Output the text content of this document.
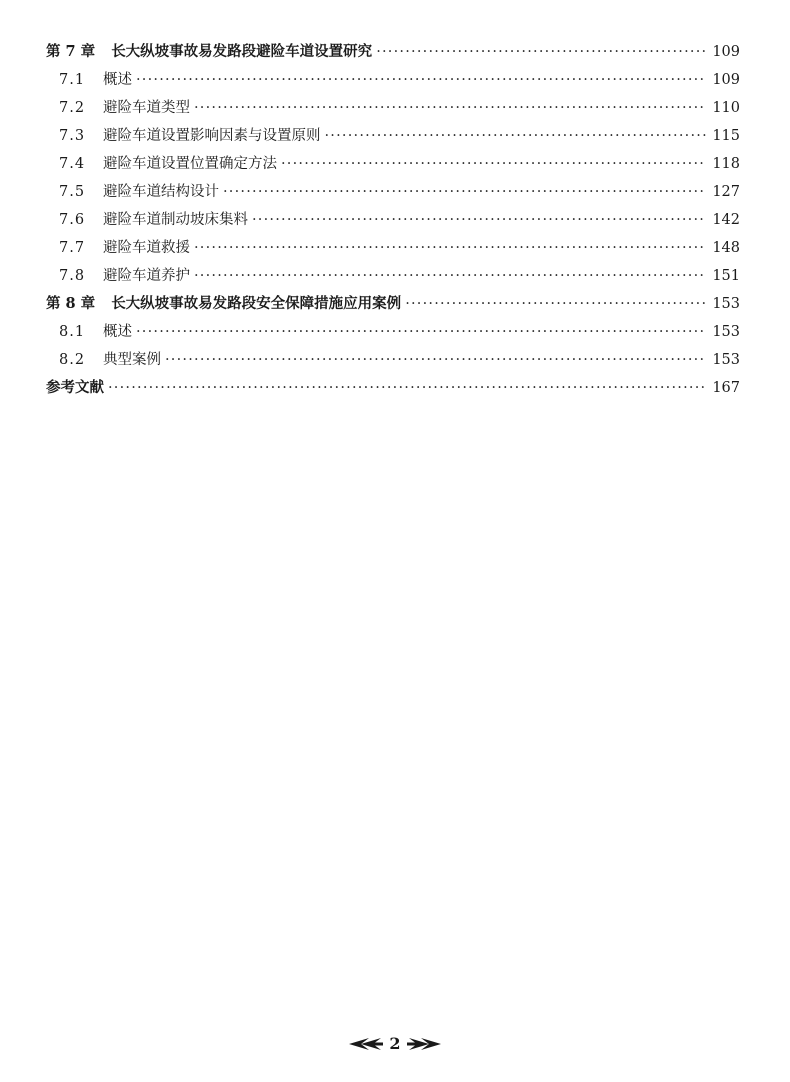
第 7 章 长大纵坡事故易发路段避险车道设置研究 ·····	109
7.1	概述 ·····	109
7.2	避险车道类型 ·····	110
7.3	避险车道设置影响因素与设置原则 ·····	115
7.4	避险车道设置位置确定方法 ·····	118
7.5	避险车道结构设计 ·····	127
7.6	避险车道制动坡床集料 ·····	142
7.7	避险车道救援 ·····	148
7.8	避险车道养护 ·····	151
第 8 章 长大纵坡事故易发路段安全保障措施应用案例 ·····	153
8.1	概述 ·····	153
8.2	典型案例 ·····	153
参考文献 ·····	167
2
